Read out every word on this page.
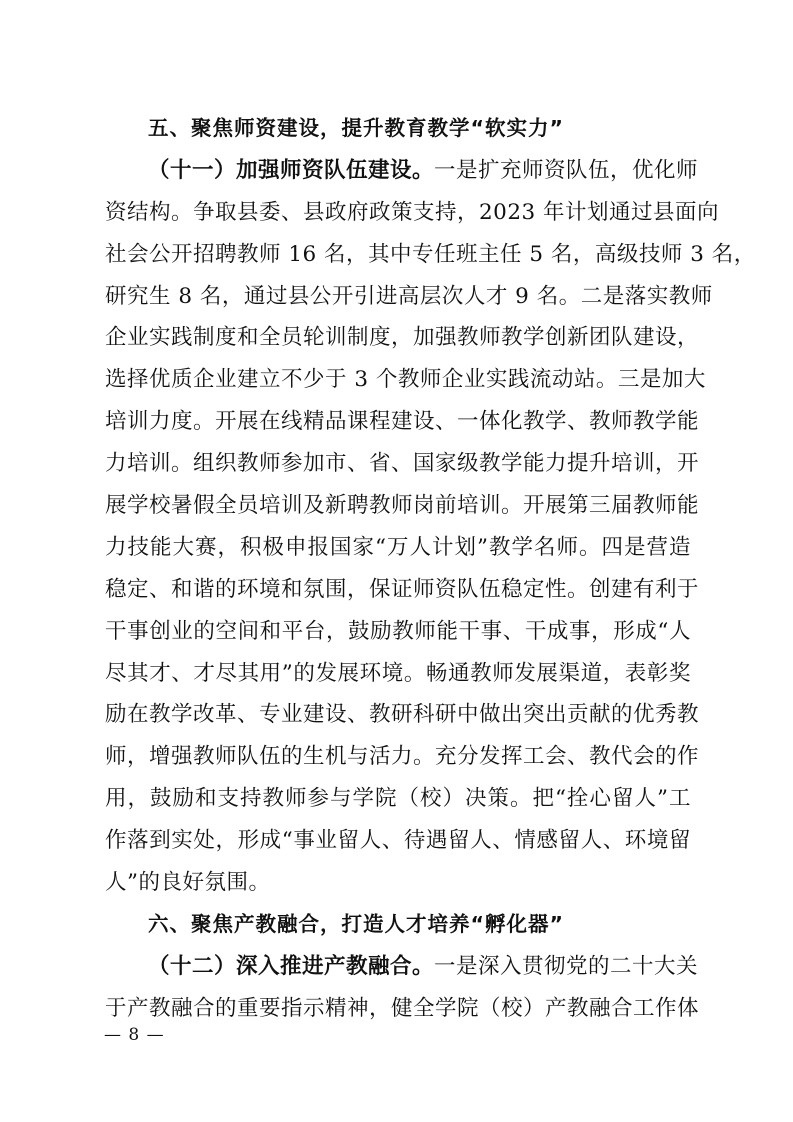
五、聚焦师资建设，提升教育教学“软实力”
（十一）加强师资队伍建设。一是扩充师资队伍，优化师
资结构。争取县委、县政府政策支持，2023 年计划通过县面向
社会公开招聘教师 16 名，其中专任班主任 5 名，高级技师 3 名，
研究生 8 名，通过县公开引进高层次人才 9 名。二是落实教师
企业实践制度和全员轮训制度，加强教师教学创新团队建设，
选择优质企业建立不少于 3 个教师企业实践流动站。三是加大
培训力度。开展在线精品课程建设、一体化教学、教师教学能
力培训。组织教师参加市、省、国家级教学能力提升培训，开
展学校暑假全员培训及新聘教师岗前培训。开展第三届教师能
力技能大赛，积极申报国家“万人计划”教学名师。四是营造
稳定、和谐的环境和氛围，保证师资队伍稳定性。创建有利于
干事创业的空间和平台，鼓励教师能干事、干成事，形成“人
尽其才、才尽其用”的发展环境。畅通教师发展渠道，表彰奖
励在教学改革、专业建设、教研科研中做出突出贡献的优秀教
师，增强教师队伍的生机与活力。充分发挥工会、教代会的作
用，鼓励和支持教师参与学院（校）决策。把“拴心留人”工
作落到实处，形成“事业留人、待遇留人、情感留人、环境留
人”的良好氛围。
六、聚焦产教融合，打造人才培养“孵化器”
（十二）深入推进产教融合。一是深入贯彻党的二十大关
于产教融合的重要指示精神，健全学院（校）产教融合工作体
— 8 —
